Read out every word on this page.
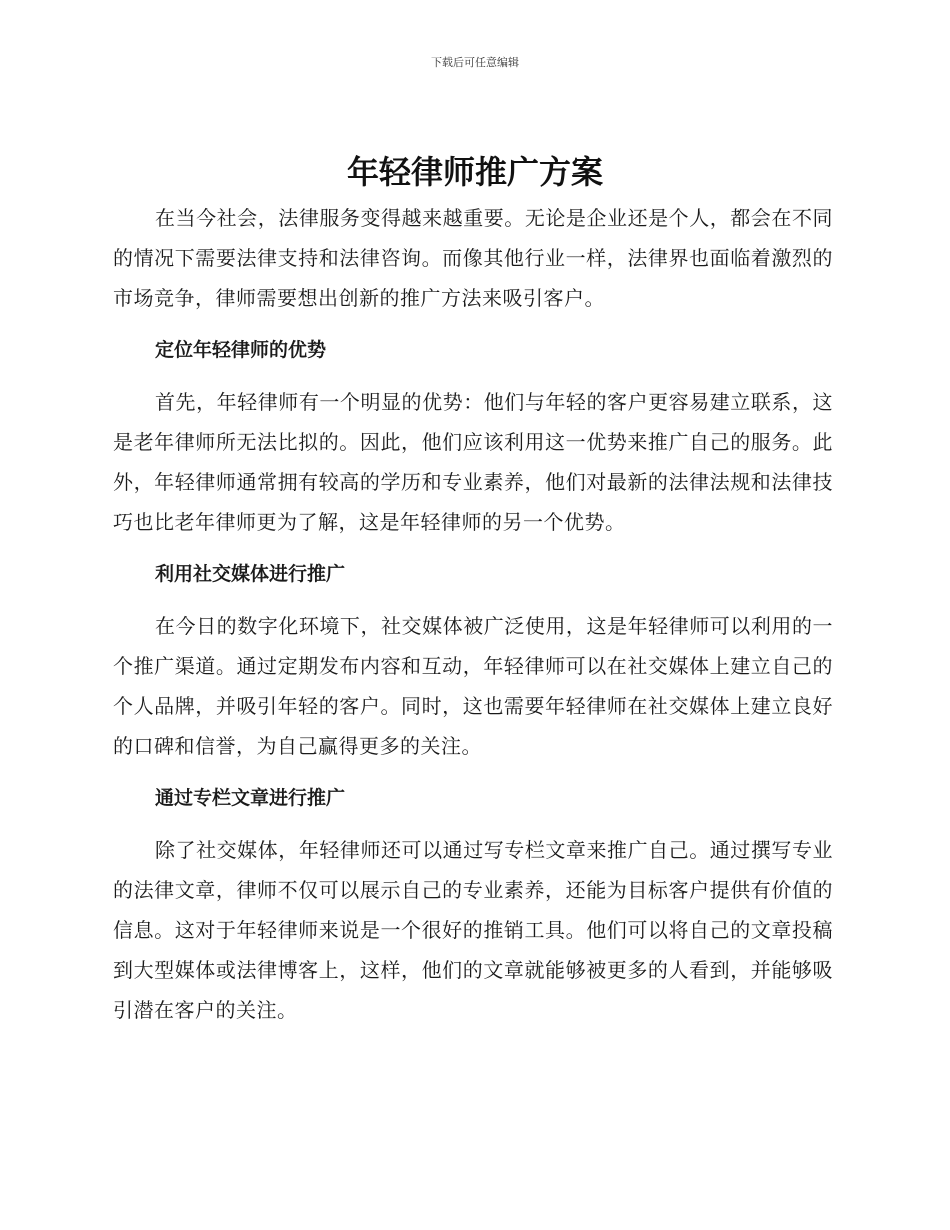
下载后可任意编辑
年轻律师推广方案

在当今社会，法律服务变得越来越重要。无论是企业还是个人，都会在不同的情况下需要法律支持和法律咨询。而像其他行业一样，法律界也面临着激烈的市场竞争，律师需要想出创新的推广方法来吸引客户。

定位年轻律师的优势

首先，年轻律师有一个明显的优势：他们与年轻的客户更容易建立联系，这是老年律师所无法比拟的。因此，他们应该利用这一优势来推广自己的服务。此外，年轻律师通常拥有较高的学历和专业素养，他们对最新的法律法规和法律技巧也比老年律师更为了解，这是年轻律师的另一个优势。

利用社交媒体进行推广

在今日的数字化环境下，社交媒体被广泛使用，这是年轻律师可以利用的一个推广渠道。通过定期发布内容和互动，年轻律师可以在社交媒体上建立自己的个人品牌，并吸引年轻的客户。同时，这也需要年轻律师在社交媒体上建立良好的口碑和信誉，为自己赢得更多的关注。

通过专栏文章进行推广

除了社交媒体，年轻律师还可以通过写专栏文章来推广自己。通过撰写专业的法律文章，律师不仅可以展示自己的专业素养，还能为目标客户提供有价值的信息。这对于年轻律师来说是一个很好的推销工具。他们可以将自己的文章投稿到大型媒体或法律博客上，这样，他们的文章就能够被更多的人看到，并能够吸引潜在客户的关注。
